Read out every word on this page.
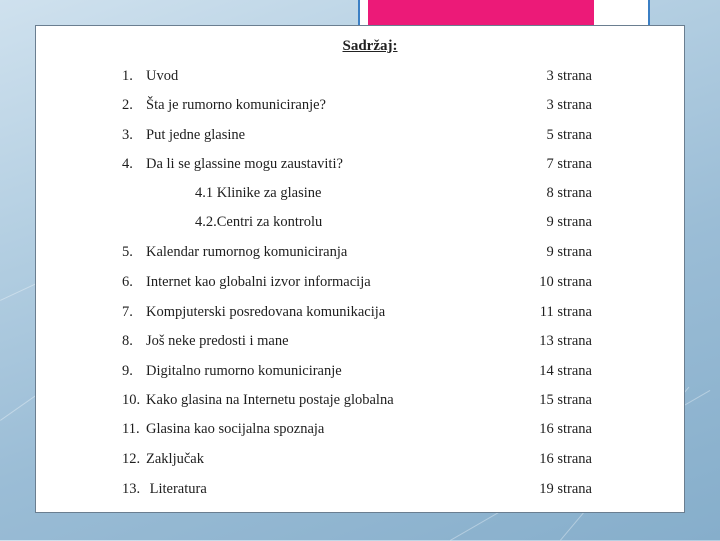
Sadržaj:
1. Uvod	3 strana
2. Šta je rumorno komuniciranje?	3 strana
3. Put jedne glasine	5 strana
4. Da li se glassine mogu zaustaviti?	7 strana
4.1 Klinike za glasine	8 strana
4.2.Centri za kontrolu	9 strana
5. Kalendar rumornog komuniciranja	9 strana
6. Internet kao globalni izvor informacija	10 strana
7. Kompjuterski posredovana komunikacija	11 strana
8. Još neke predosti i mane	13 strana
9. Digitalno rumorno komuniciranje	14 strana
10. Kako glasina na Internetu postaje globalna	15 strana
11. Glasina kao socijalna spoznaja	16 strana
12. Zaključak	16 strana
13. Literatura	19 strana
